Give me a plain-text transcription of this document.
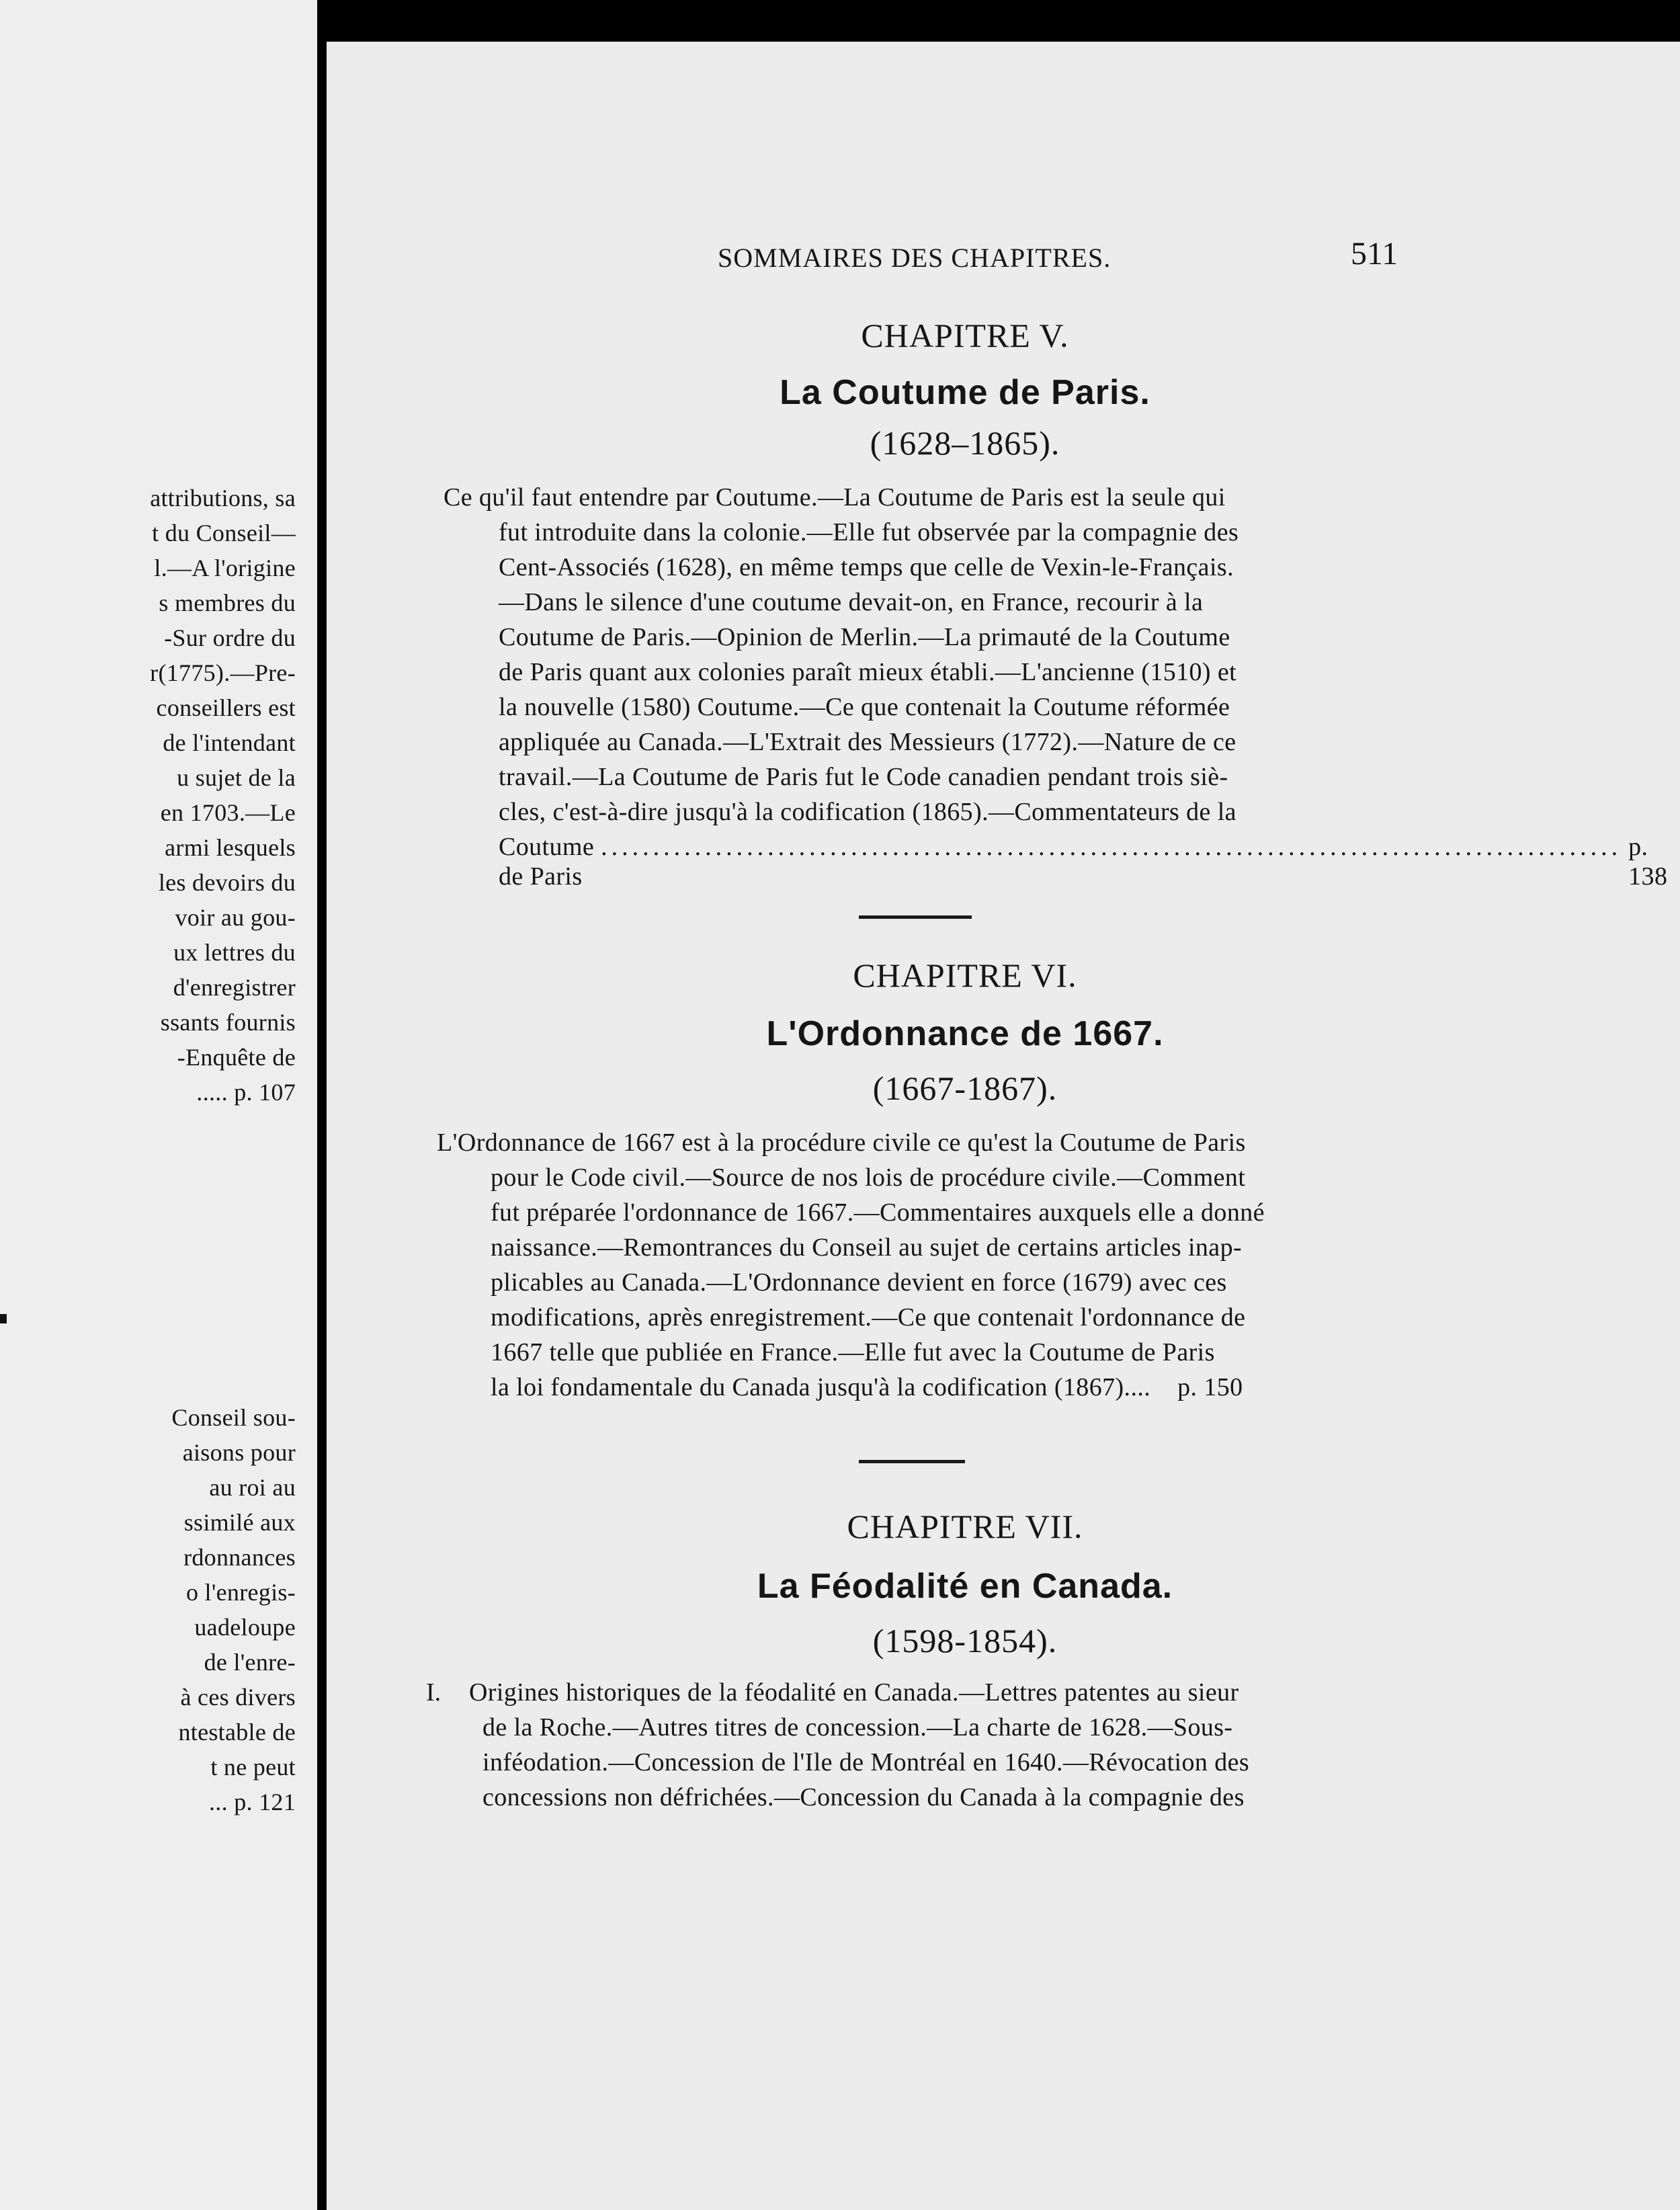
attributions, sa
t du Conseil—
l.—A l'origine
s membres du
-Sur ordre du
r(1775).—Pre-
conseillers est
de l'intendant
u sujet de la
en 1703.—Le
armi lesquels
les devoirs du
voir au gou-
ux lettres du
d'enregistrer
ssants fournis
-Enquête de
..... p. 107
Conseil sou-
aisons pour
au roi au
ssimilé aux
rdonnances
o l'enregis-
uadeloupe
de l'enre-
à ces divers
ntestable de
t ne peut
... p. 121
SOMMAIRES DES CHAPITRES.	511
CHAPITRE V.
La Coutume de Paris.
(1628–1865).
Ce qu'il faut entendre par Coutume.—La Coutume de Paris est la seule qui
fut introduite dans la colonie.—Elle fut observée par la compagnie des
Cent-Associés (1628), en même temps que celle de Vexin-le-Français.
—Dans le silence d'une coutume devait-on, en France, recourir à la
Coutume de Paris.—Opinion de Merlin.—La primauté de la Coutume
de Paris quant aux colonies paraît mieux établi.—L'ancienne (1510) et
la nouvelle (1580) Coutume.—Ce que contenait la Coutume réformée
appliquée au Canada.—L'Extrait des Messieurs (1772).—Nature de ce
travail.—La Coutume de Paris fut le Code canadien pendant trois siè-
cles, c'est-à-dire jusqu'à la codification (1865).—Commentateurs de la
Coutume de Paris
.................................................................................................. p. 138
CHAPITRE VI.
L'Ordonnance de 1667.
(1667-1867).
L'Ordonnance de 1667 est à la procédure civile ce qu'est la Coutume de Paris
pour le Code civil.—Source de nos lois de procédure civile.—Comment
fut préparée l'ordonnance de 1667.—Commentaires auxquels elle a donné
naissance.—Remontrances du Conseil au sujet de certains articles inap-
plicables au Canada.—L'Ordonnance devient en force (1679) avec ces
modifications, après enregistrement.—Ce que contenait l'ordonnance de
1667 telle que publiée en France.—Elle fut avec la Coutume de Paris
la loi fondamentale du Canada jusqu'à la codification (1867).... p. 150
CHAPITRE VII.
La Féodalité en Canada.
(1598-1854).
I. Origines historiques de la féodalité en Canada.—Lettres patentes au sieur
de la Roche.—Autres titres de concession.—La charte de 1628.—Sous-
inféodation.—Concession de l'Ile de Montréal en 1640.—Révocation des
concessions non défrichées.—Concession du Canada à la compagnie des
